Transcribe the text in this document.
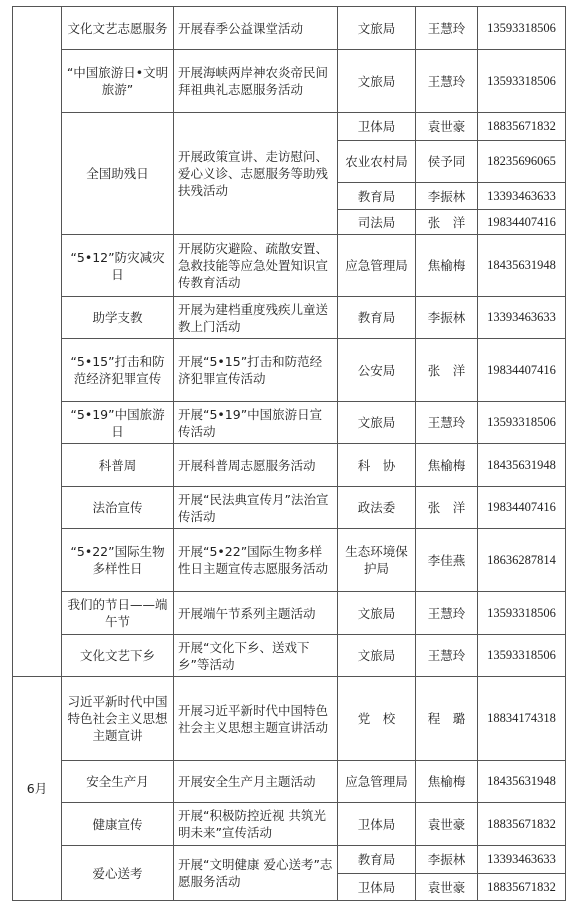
	文化文艺志愿服务	开展春季公益课堂活动	文旅局	王慧玲	13593318506
	“中国旅游日•文明旅游”	开展海峡两岸神农炎帝民间拜祖典礼志愿服务活动	文旅局	王慧玲	13593318506
	全国助残日	开展政策宣讲、走访慰问、爱心义诊、志愿服务等助残扶残活动	卫体局	袁世豪	18835671832
			农业农村局	侯予同	18235696065
			教育局	李振林	13393463633
			司法局	张　洋	19834407416
	“5•12”防灾减灾日	开展防灾避险、疏散安置、急救技能等应急处置知识宣传教育活动	应急管理局	焦榆梅	18435631948
	助学支教	开展为建档重度残疾儿童送教上门活动	教育局	李振林	13393463633
	“5•15”打击和防范经济犯罪宣传	开展“5•15”打击和防范经济犯罪宣传活动	公安局	张　洋	19834407416
	“5•19”中国旅游日	开展“5•19”中国旅游日宣传活动	文旅局	王慧玲	13593318506
	科普周	开展科普周志愿服务活动	科　协	焦榆梅	18435631948
	法治宣传	开展“民法典宣传月”法治宣传活动	政法委	张　洋	19834407416
	“5•22”国际生物多样性日	开展“5•22”国际生物多样性日主题宣传志愿服务活动	生态环境保护局	李佳燕	18636287814
	我们的节日——端午节	开展端午节系列主题活动	文旅局	王慧玲	13593318506
	文化文艺下乡	开展“文化下乡、送戏下乡”等活动	文旅局	王慧玲	13593318506
6月	习近平新时代中国特色社会主义思想主题宣讲	开展习近平新时代中国特色社会主义思想主题宣讲活动	党　校	程　璐	18834174318
	安全生产月	开展安全生产月主题活动	应急管理局	焦榆梅	18435631948
	健康宣传	开展“积极防控近视 共筑光明未来”宣传活动	卫体局	袁世豪	18835671832
	爱心送考	开展“文明健康 爱心送考”志愿服务活动	教育局	李振林	13393463633
			卫体局	袁世豪	18835671832
